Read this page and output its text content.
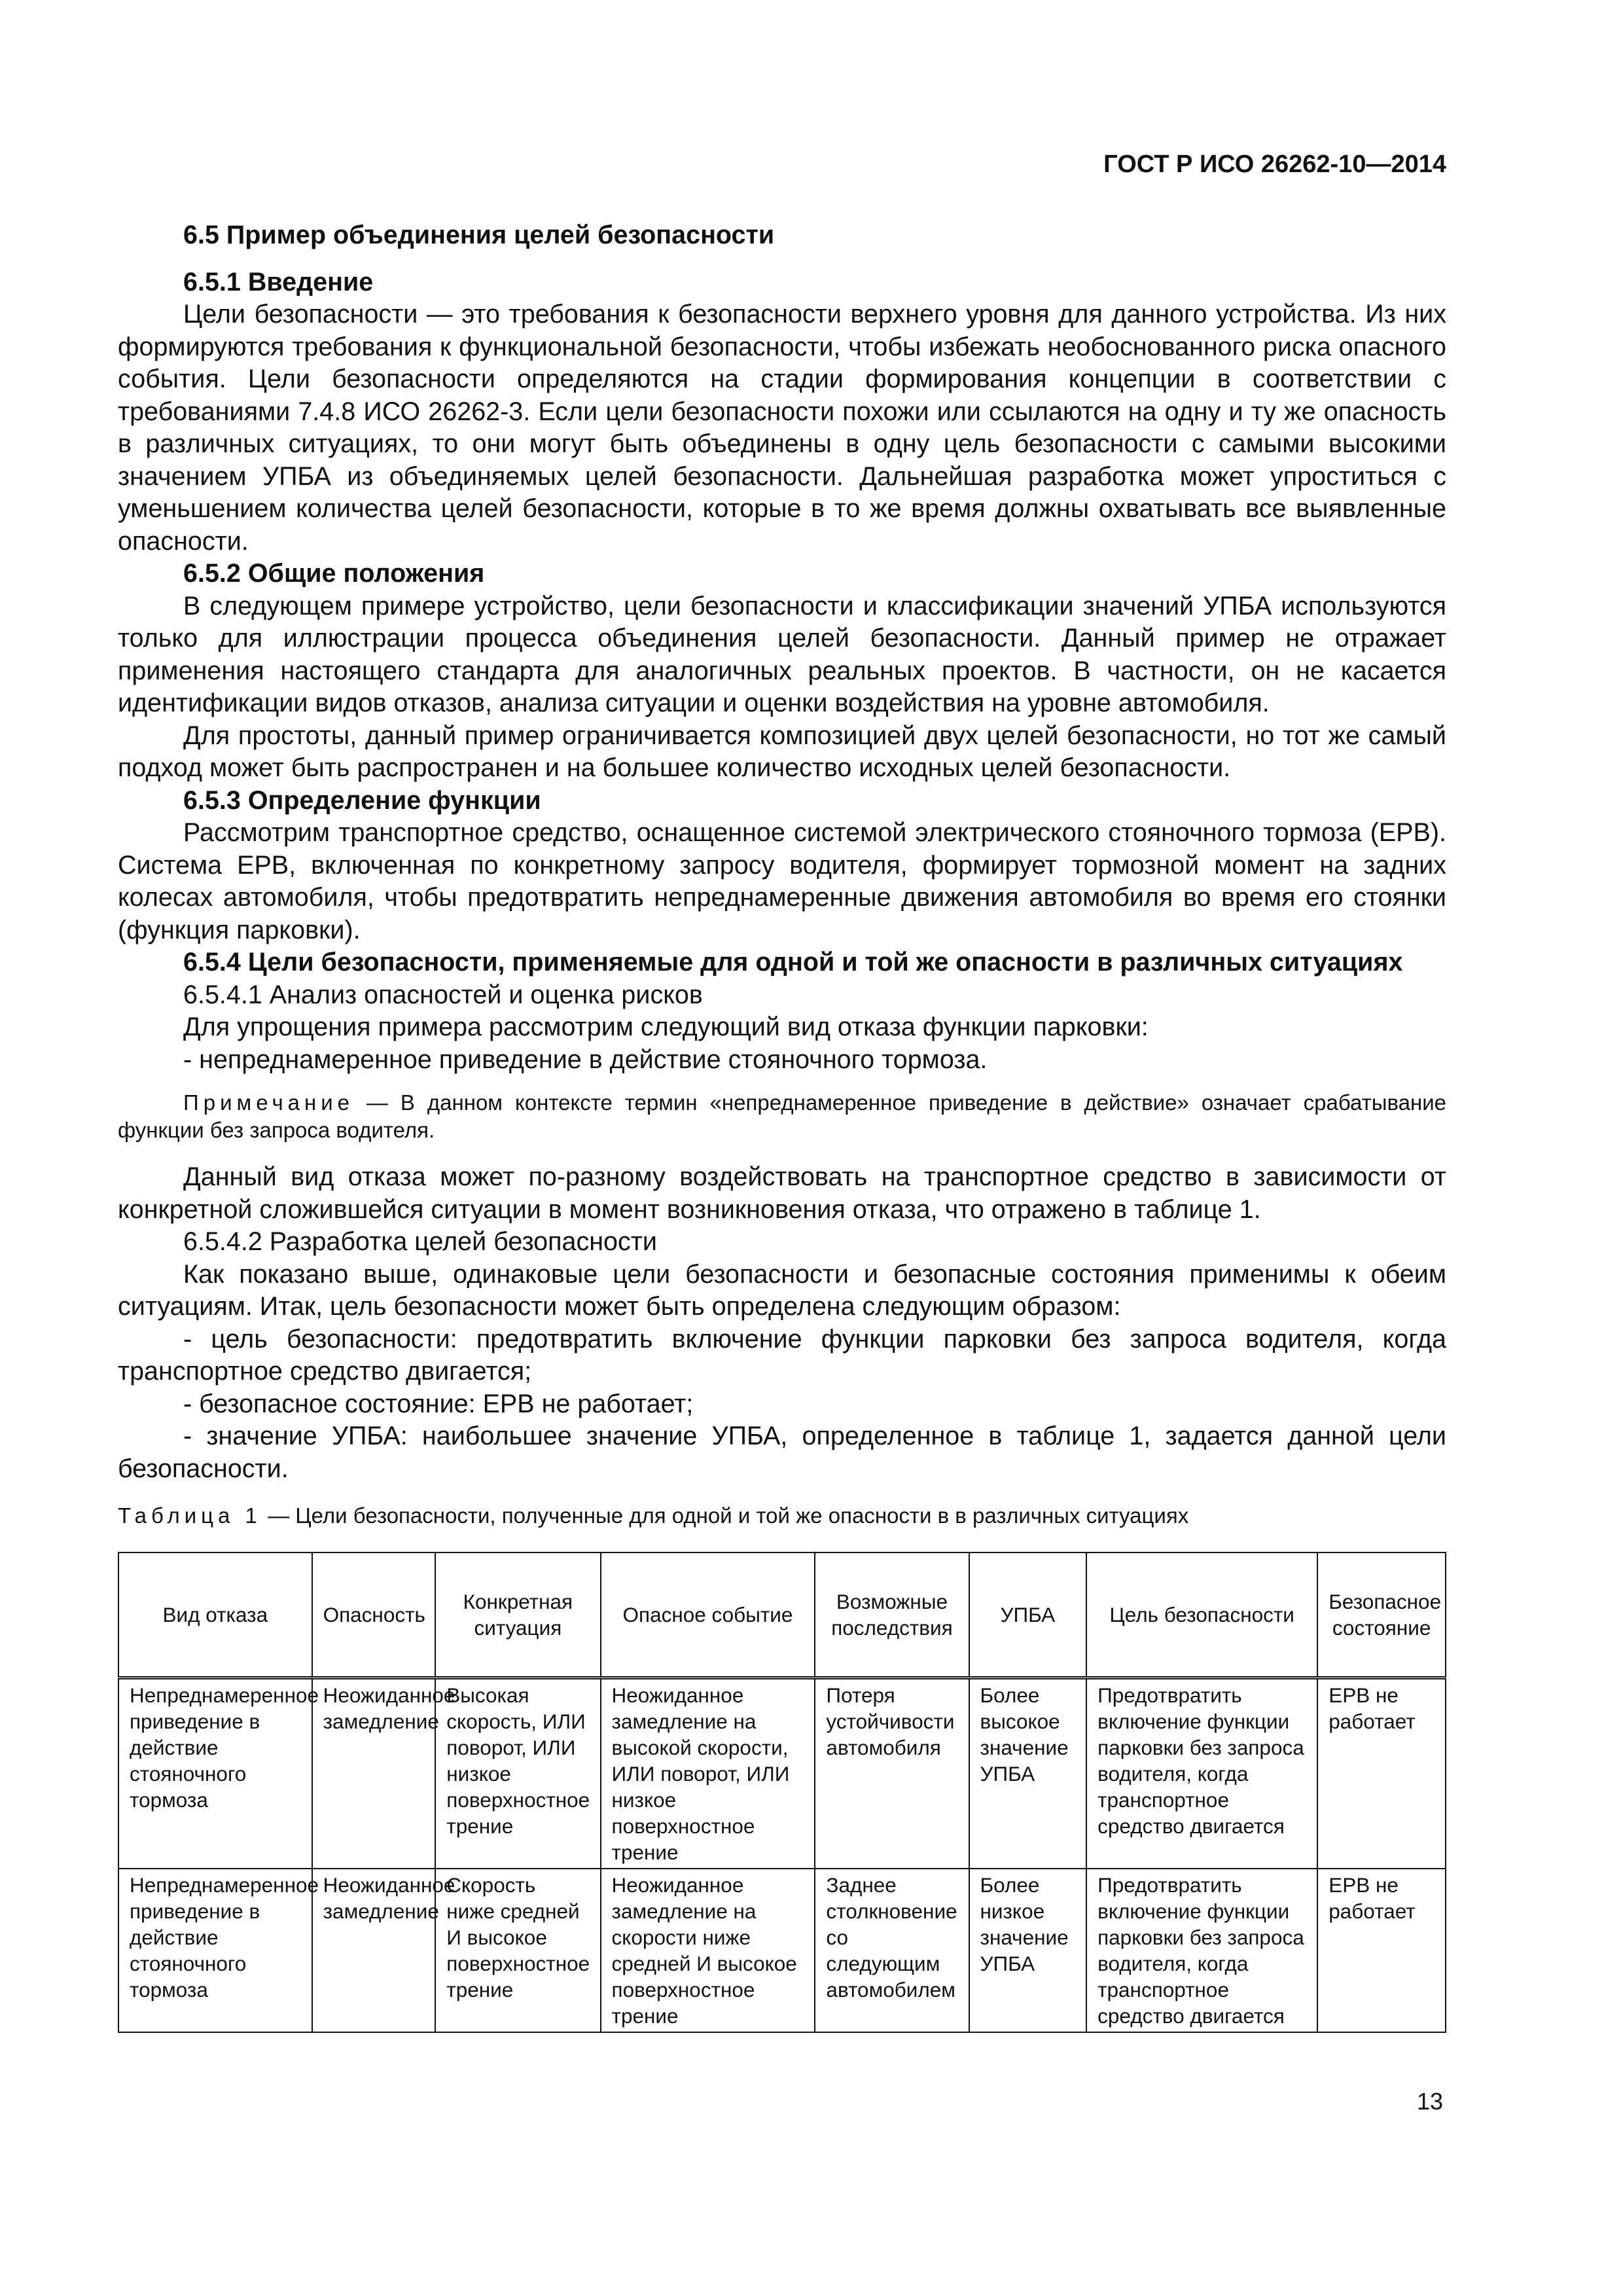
ГОСТ Р ИСО 26262-10—2014

6.5 Пример объединения целей безопасности

6.5.1 Введение

Цели безопасности — это требования к безопасности верхнего уровня для данного устройства. Из них формируются требования к функциональной безопасности, чтобы избежать необоснованного риска опасного события. Цели безопасности определяются на стадии формирования концепции в соответствии с требованиями 7.4.8 ИСО 26262-3. Если цели безопасности похожи или ссылаются на одну и ту же опасность в различных ситуациях, то они могут быть объединены в одну цель безопасности с самыми высокими значением УПБА из объединяемых целей безопасности. Дальнейшая разработка может упроститься с уменьшением количества целей безопасности, которые в то же время должны охватывать все выявленные опасности.

6.5.2 Общие положения

В следующем примере устройство, цели безопасности и классификации значений УПБА используются только для иллюстрации процесса объединения целей безопасности. Данный пример не отражает применения настоящего стандарта для аналогичных реальных проектов. В частности, он не касается идентификации видов отказов, анализа ситуации и оценки воздействия на уровне автомобиля.

Для простоты, данный пример ограничивается композицией двух целей безопасности, но тот же самый подход может быть распространен и на большее количество исходных целей безопасности.

6.5.3 Определение функции

Рассмотрим транспортное средство, оснащенное системой электрического стояночного тормоза (EPB). Система EPB, включенная по конкретному запросу водителя, формирует тормозной момент на задних колесах автомобиля, чтобы предотвратить непреднамеренные движения автомобиля во время его стоянки (функция парковки).

6.5.4 Цели безопасности, применяемые для одной и той же опасности в различных ситуациях

6.5.4.1 Анализ опасностей и оценка рисков

Для упрощения примера рассмотрим следующий вид отказа функции парковки:

- непреднамеренное приведение в действие стояночного тормоза.

Примечание — В данном контексте термин «непреднамеренное приведение в действие» означает срабатывание функции без запроса водителя.

Данный вид отказа может по-разному воздействовать на транспортное средство в зависимости от конкретной сложившейся ситуации в момент возникновения отказа, что отражено в таблице 1.

6.5.4.2 Разработка целей безопасности

Как показано выше, одинаковые цели безопасности и безопасные состояния применимы к обеим ситуациям. Итак, цель безопасности может быть определена следующим образом:

- цель безопасности: предотвратить включение функции парковки без запроса водителя, когда транспортное средство двигается;

- безопасное состояние: EPB не работает;

- значение УПБА: наибольшее значение УПБА, определенное в таблице 1, задается данной цели безопасности.

Таблица 1 — Цели безопасности, полученные для одной и той же опасности в в различных ситуациях

Вид отказа	Опасность	Конкретная ситуация	Опасное событие	Возможные последствия	УПБА	Цель безопасности	Безопасное состояние
Непреднамеренное приведение в действие стояночного тормоза	Неожиданное замедление	Высокая скорость, ИЛИ поворот, ИЛИ низкое поверхностное трение	Неожиданное замедление на высокой скорости, ИЛИ поворот, ИЛИ низкое поверхностное трение	Потеря устойчивости автомобиля	Более высокое значение УПБА	Предотвратить включение функции парковки без запроса водителя, когда транспортное средство двигается	EPB не работает
Непреднамеренное приведение в действие стояночного тормоза	Неожиданное замедление	Скорость ниже средней И высокое поверхностное трение	Неожиданное замедление на скорости ниже средней И высокое поверхностное трение	Заднее столкновение со следующим автомобилем	Более низкое значение УПБА	Предотвратить включение функции парковки без запроса водителя, когда транспортное средство двигается	EPB не работает
13
